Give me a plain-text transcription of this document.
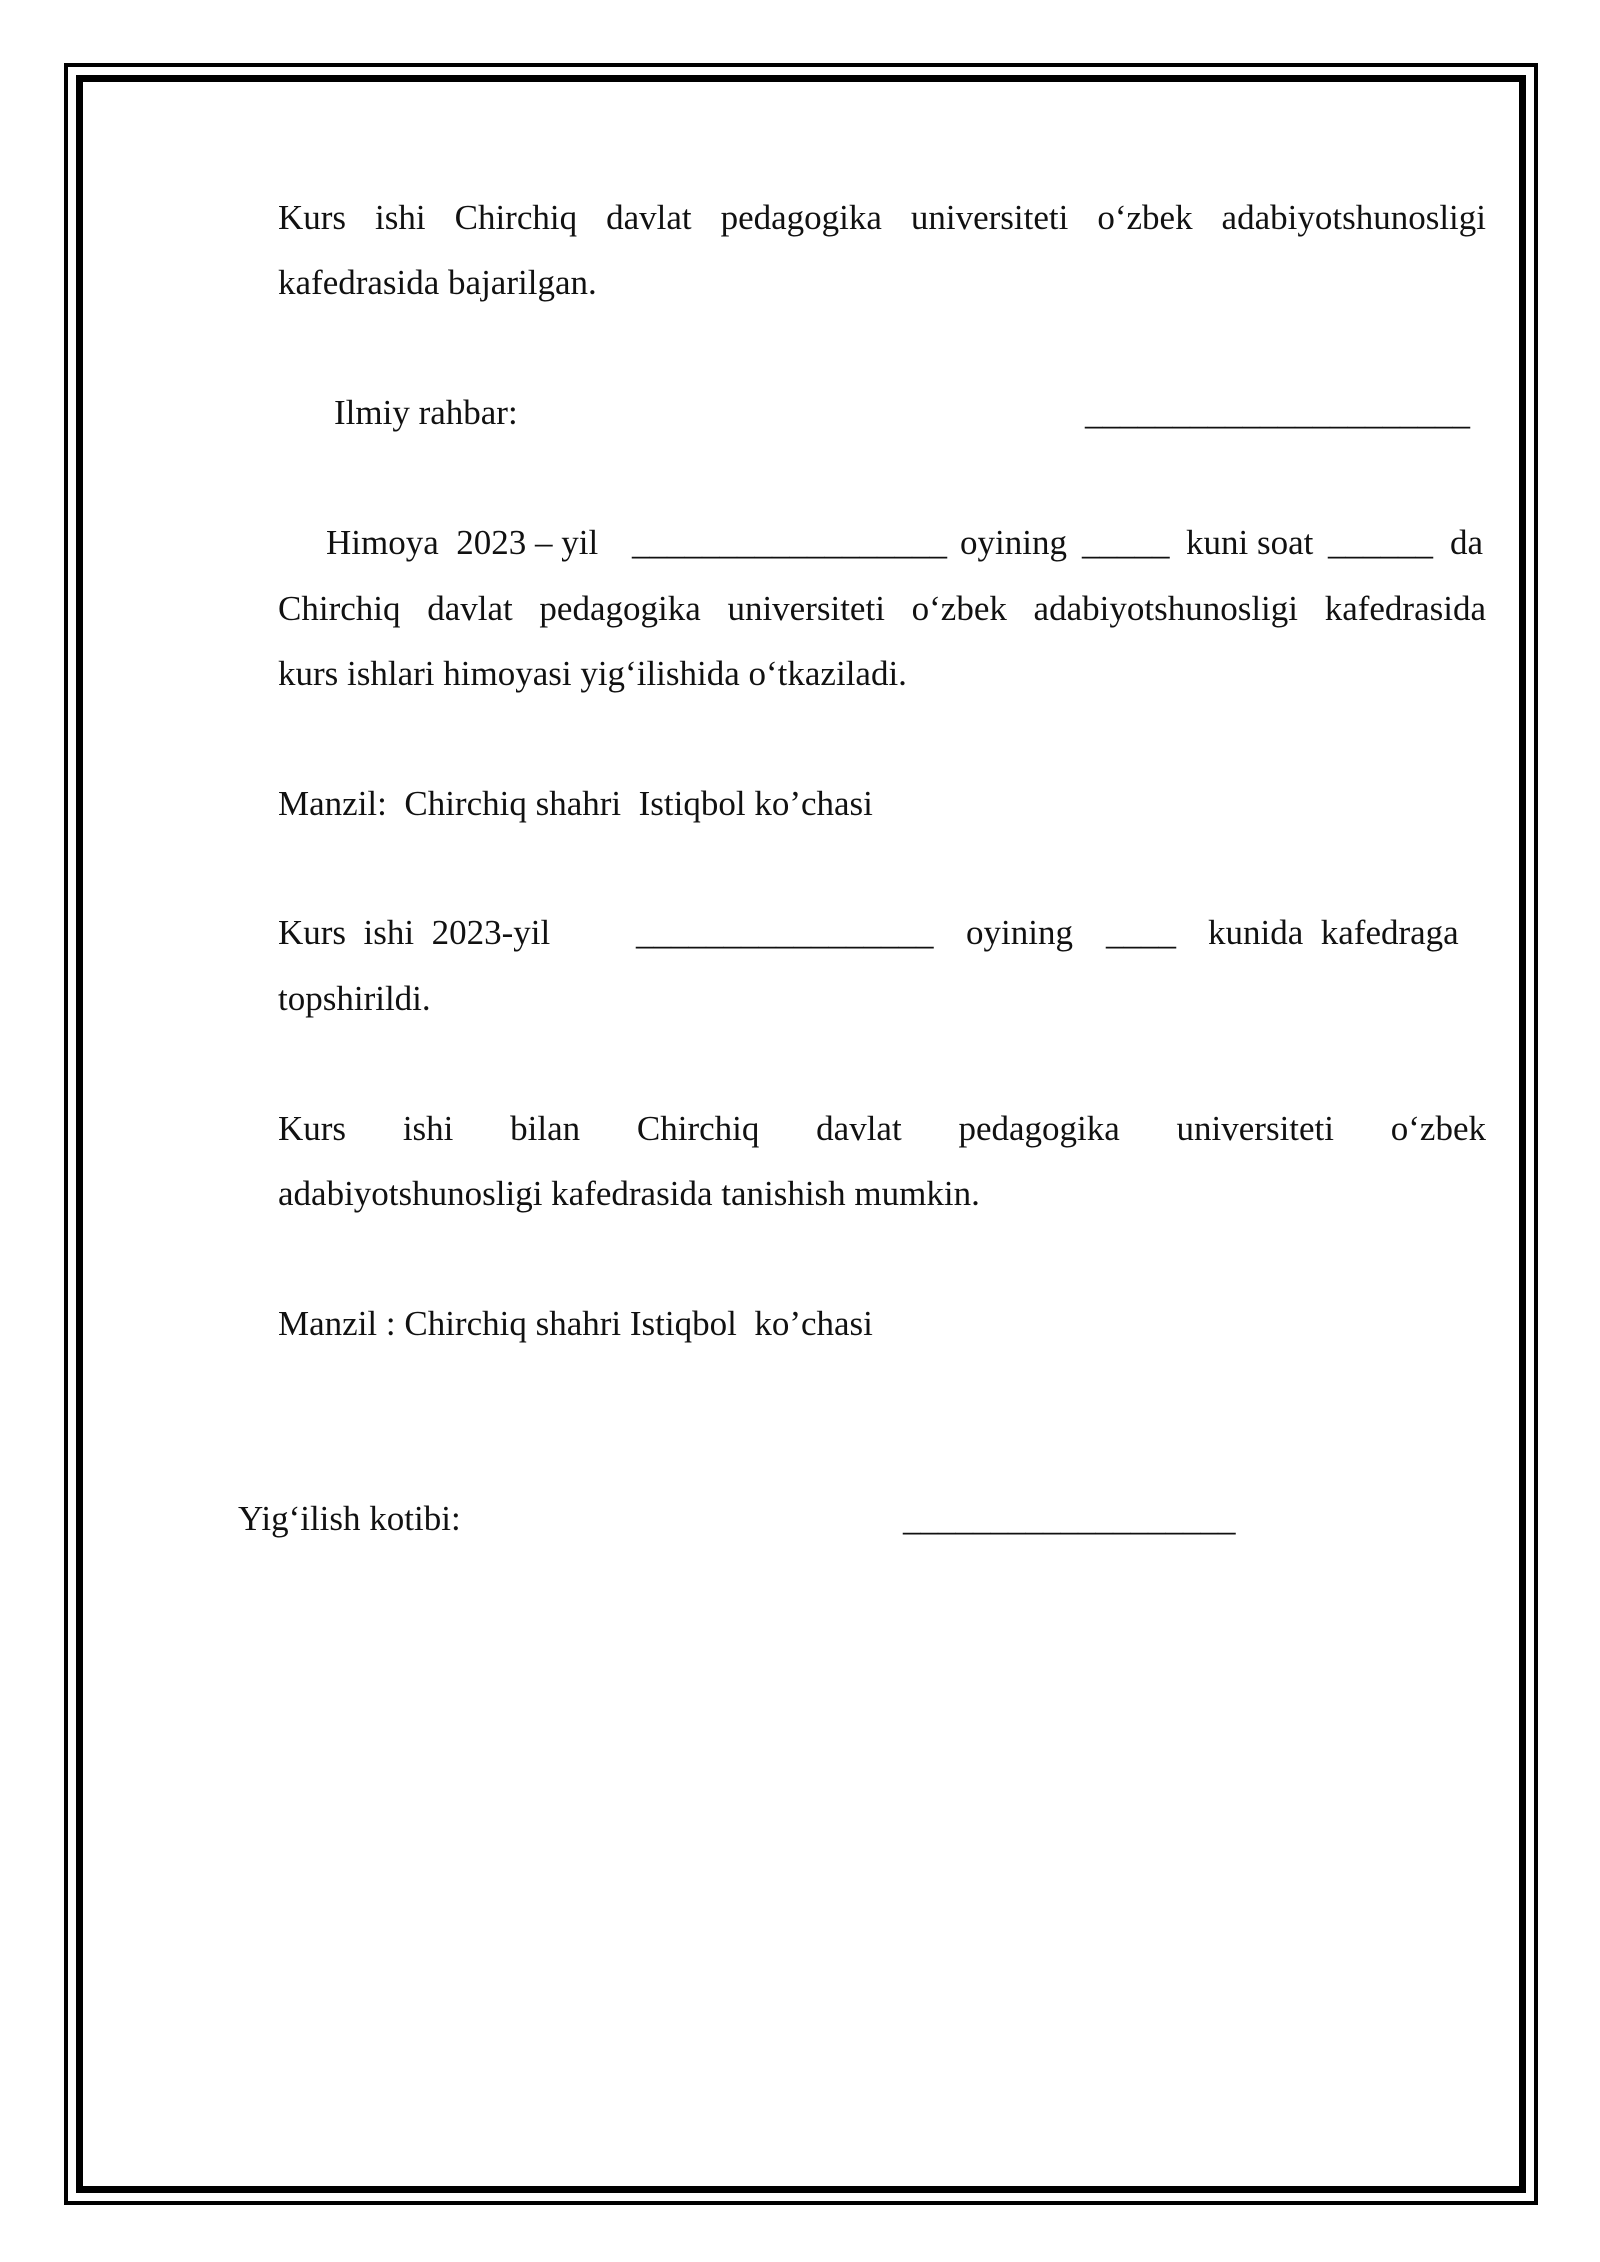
Kurs ishi Chirchiq davlat pedagogika universiteti o‘zbek adabiyotshunosligi
kafedrasida bajarilgan.
Chirchiq davlat pedagogika universiteti o‘zbek adabiyotshunosligi kafedrasida
kurs ishlari himoyasi yig‘ilishida o‘tkaziladi.
Manzil:  Chirchiq shahri  Istiqbol ko’chasi
topshirildi.
Kurs ishi bilan Chirchiq davlat pedagogika universiteti o‘zbek
adabiyotshunosligi kafedrasida tanishish mumkin.
Manzil : Chirchiq shahri Istiqbol  ko’chasi
Ilmiy rahbar:	______________________
Himoya  2023 – yil __________________ oyining _____ kuni soat ______ da
Kurs  ishi  2023-yil _________________ oyining ____ kunida  kafedraga
Yig‘ilish kotibi:	___________________
